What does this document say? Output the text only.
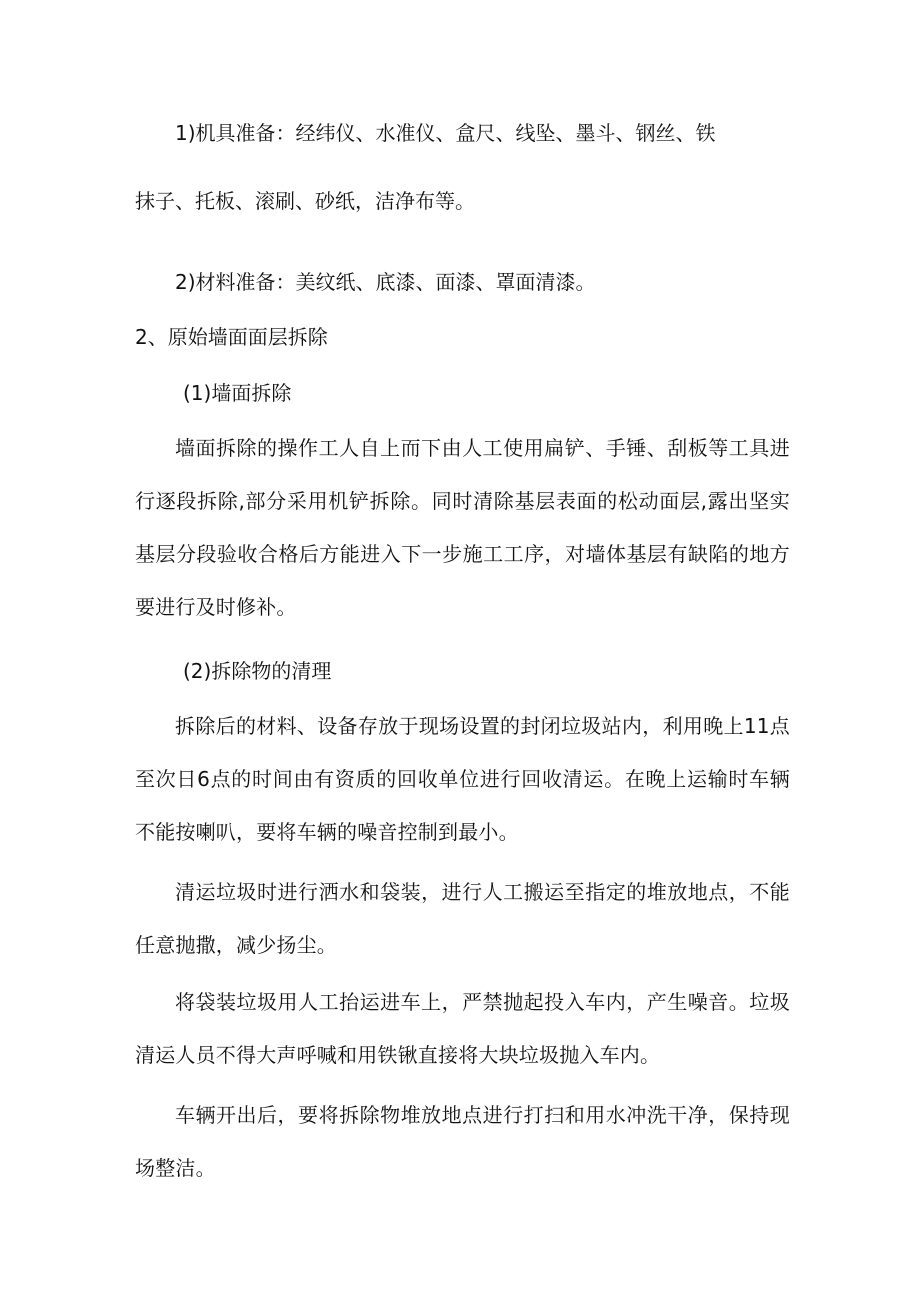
1)机具准备：经纬仪、水准仪、盒尺、线坠、墨斗、钢丝、铁
抹子、托板、滚刷、砂纸，洁净布等。
2)材料准备：美纹纸、底漆、面漆、罩面清漆。
2、原始墙面面层拆除
(1)墙面拆除
墙面拆除的操作工人自上而下由人工使用扁铲、手锤、刮板等工具进行逐段拆除,部分采用机铲拆除。同时清除基层表面的松动面层,露出坚实基层分段验收合格后方能进入下一步施工工序，对墙体基层有缺陷的地方要进行及时修补。
(2)拆除物的清理
拆除后的材料、设备存放于现场设置的封闭垃圾站内，利用晚上11点至次日6点的时间由有资质的回收单位进行回收清运。在晚上运输时车辆不能按喇叭，要将车辆的噪音控制到最小。
清运垃圾时进行洒水和袋装，进行人工搬运至指定的堆放地点，不能任意抛撒，减少扬尘。
将袋装垃圾用人工抬运进车上，严禁抛起投入车内，产生噪音。垃圾清运人员不得大声呼喊和用铁锹直接将大块垃圾抛入车内。
车辆开出后，要将拆除物堆放地点进行打扫和用水冲洗干净，保持现场整洁。
